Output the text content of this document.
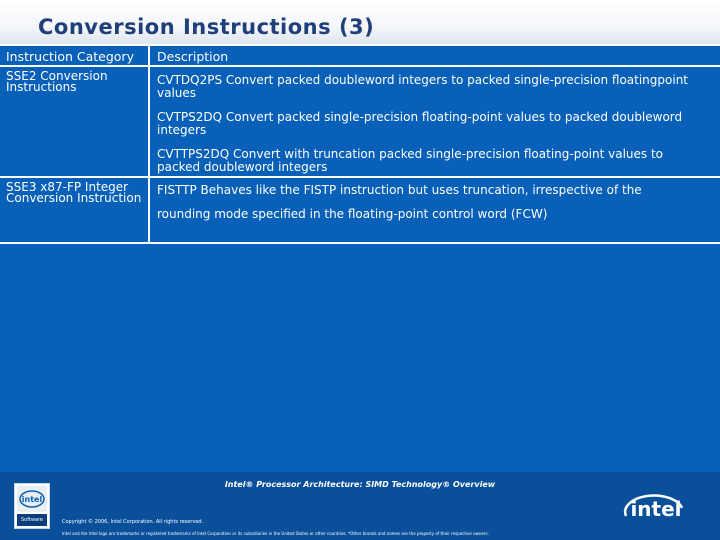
Conversion Instructions (3)
Instruction Category Description
SSE2 Conversion Instructions	CVTDQ2PS Convert packed doubleword integers to packed single-precision floatingpoint values
CVTPS2DQ Convert packed single-precision floating-point values to packed doubleword integers
CVTTPS2DQ Convert with truncation packed single-precision floating-point values to packed doubleword integers
SSE3 x87-FP Integer Conversion Instruction
FISTTP Behaves like the FISTP instruction but uses truncation, irrespective of the
rounding mode specified in the floating-point control word (FCW)
Intel® Processor Architecture: SIMD Technology® Overview
intel
Software	Copyright © 2006, Intel Corporation. All rights reserved.
Intel and the Intel logo are trademarks or registered trademarks of Intel Corporation or its subsidiaries in the United States or other countries. *Other brands and names are the property of their respective owners.
intel
